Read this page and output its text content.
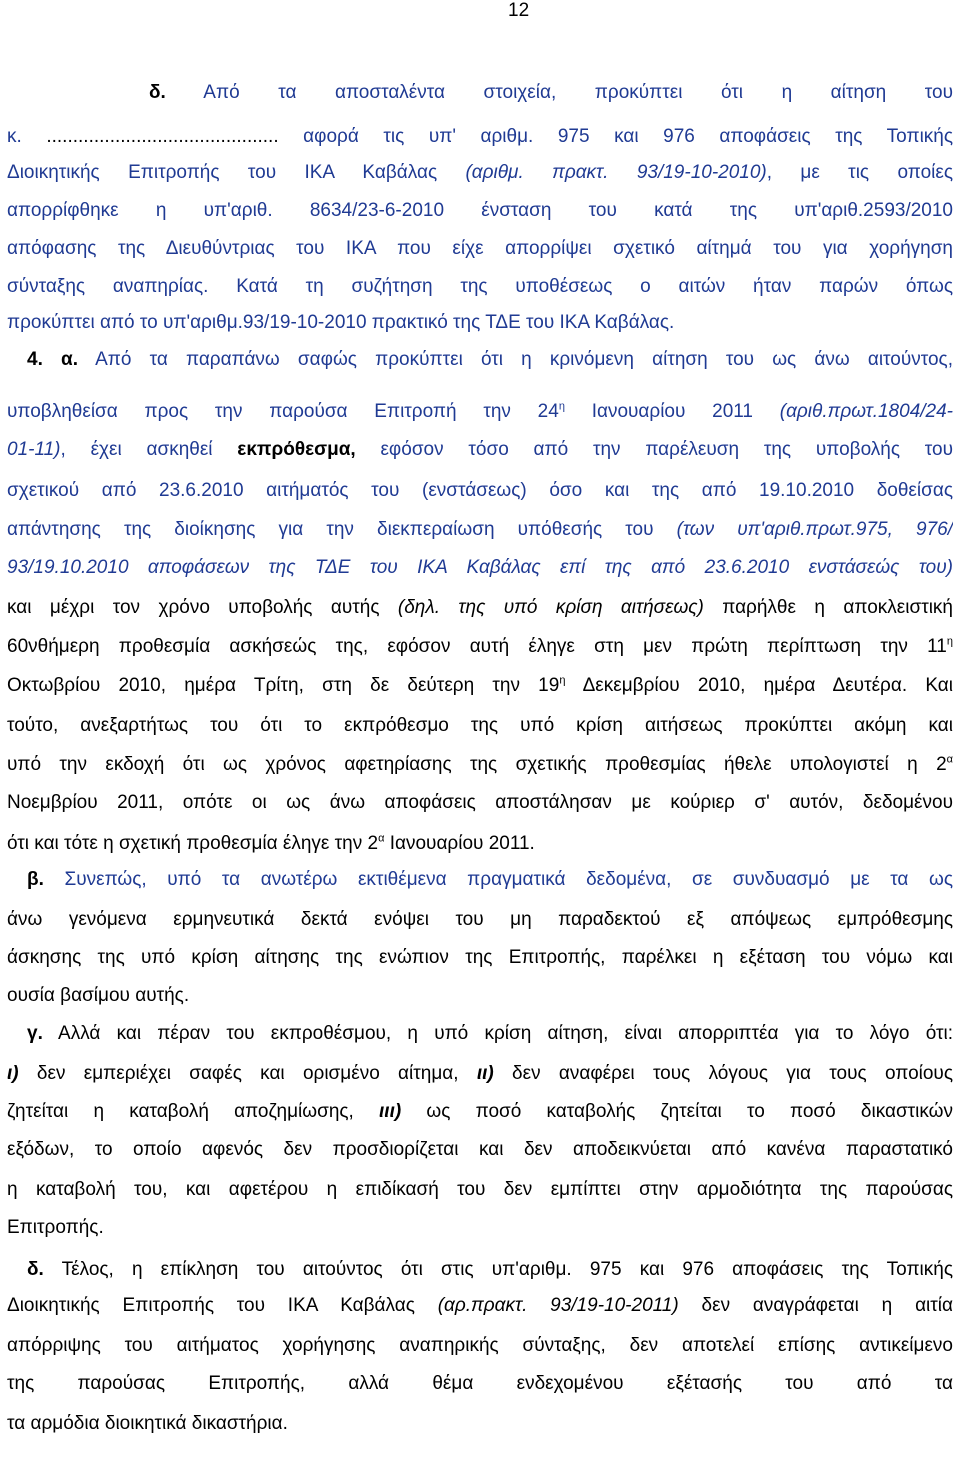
12
δ. Από τα αποσταλέντα στοιχεία, προκύπτει ότι η αίτηση του
κ. ............................................ αφορά τις υπ' αριθμ. 975 και 976 αποφάσεις της Τοπικής
Διοικητικής Επιτροπής του ΙΚΑ Καβάλας (αριθμ. πρακτ. 93/19-10-2010), με τις οποίες
απορρίφθηκε η υπ'αριθ. 8634/23-6-2010 ένσταση του κατά της υπ'αριθ.2593/2010
απόφασης της Διευθύντριας του ΙΚΑ που είχε απορρίψει σχετικό αίτημά του για χορήγηση
σύνταξης αναπηρίας. Κατά τη συζήτηση της υποθέσεως ο αιτών ήταν παρών όπως
προκύπτει από το υπ'αριθμ.93/19-10-2010 πρακτικό της ΤΔΕ του ΙΚΑ Καβάλας.
4. α. Από τα παραπάνω σαφώς προκύπτει ότι η κρινόμενη αίτηση του ως άνω αιτούντος,
υποβληθείσα προς την παρούσα Επιτροπή την $24^\eta$ Ιανουαρίου 2011 (αριθ.πρωτ.1804/24-
01-11), έχει ασκηθεί εκπρόθεσμα, εφόσον τόσο από την παρέλευση της υποβολής του
σχετικού από 23.6.2010 αιτήματός του (ενστάσεως) όσο και της από 19.10.2010 δοθείσας
απάντησης της διοίκησης για την διεκπεραίωση υπόθεσής του (των υπ'αριθ.πρωτ.975, 976/
93/19.10.2010 αποφάσεων της ΤΔΕ του ΙΚΑ Καβάλας επί της από 23.6.2010 ενστάσεώς του)
και μέχρι τον χρόνο υποβολής αυτής (δηλ. της υπό κρίση αιτήσεως) παρήλθε η αποκλειστική
60νθήμερη προθεσμία ασκήσεώς της, εφόσον αυτή έληγε στη μεν πρώτη περίπτωση την $11^\eta$
Οκτωβρίου 2010, ημέρα Τρίτη, στη δε δεύτερη την $19^\eta$ Δεκεμβρίου 2010, ημέρα Δευτέρα. Και
τούτο, ανεξαρτήτως του ότι το εκπρόθεσμο της υπό κρίση αιτήσεως προκύπτει ακόμη και
υπό την εκδοχή ότι ως χρόνος αφετηρίασης της σχετικής προθεσμίας ήθελε υπολογιστεί η $2^\alpha$
Νοεμβρίου 2011, οπότε οι ως άνω αποφάσεις αποστάλησαν με κούριερ σ' αυτόν, δεδομένου
ότι και τότε η σχετική προθεσμία έληγε την $2^\alpha$ Ιανουαρίου 2011.
β. Συνεπώς, υπό τα ανωτέρω εκτιθέμενα πραγματικά δεδομένα, σε συνδυασμό με τα ως
άνω γενόμενα ερμηνευτικά δεκτά ενόψει του μη παραδεκτού εξ απόψεως εμπρόθεσμης
άσκησης της υπό κρίση αίτησης της ενώπιον της Επιτροπής, παρέλκει η εξέταση του νόμω και
ουσία βασίμου αυτής.
γ. Αλλά και πέραν του εκπροθέσμου, η υπό κρίση αίτηση, είναι απορριπτέα για το λόγο ότι:
ι) δεν εμπεριέχει σαφές και ορισμένο αίτημα, ιι) δεν αναφέρει τους λόγους για τους οποίους
ζητείται η καταβολή αποζημίωσης, ιιι) ως ποσό καταβολής ζητείται το ποσό δικαστικών
εξόδων, το οποίο αφενός δεν προσδιορίζεται και δεν αποδεικνύεται από κανένα παραστατικό
η καταβολή του, και αφετέρου η επιδίκασή του δεν εμπίπτει στην αρμοδιότητα της παρούσας
Επιτροπής.
δ. Τέλος, η επίκληση του αιτούντος ότι στις υπ'αριθμ. 975 και 976 αποφάσεις της Τοπικής
Διοικητικής Επιτροπής του ΙΚΑ Καβάλας (αρ.πρακτ. 93/19-10-2011) δεν αναγράφεται η αιτία
απόρριψης του αιτήματος χορήγησης αναπηρικής σύνταξης, δεν αποτελεί επίσης αντικείμενο
της παρούσας Επιτροπής, αλλά θέμα ενδεχομένου εξέτασής του από τα
τα αρμόδια διοικητικά δικαστήρια.
